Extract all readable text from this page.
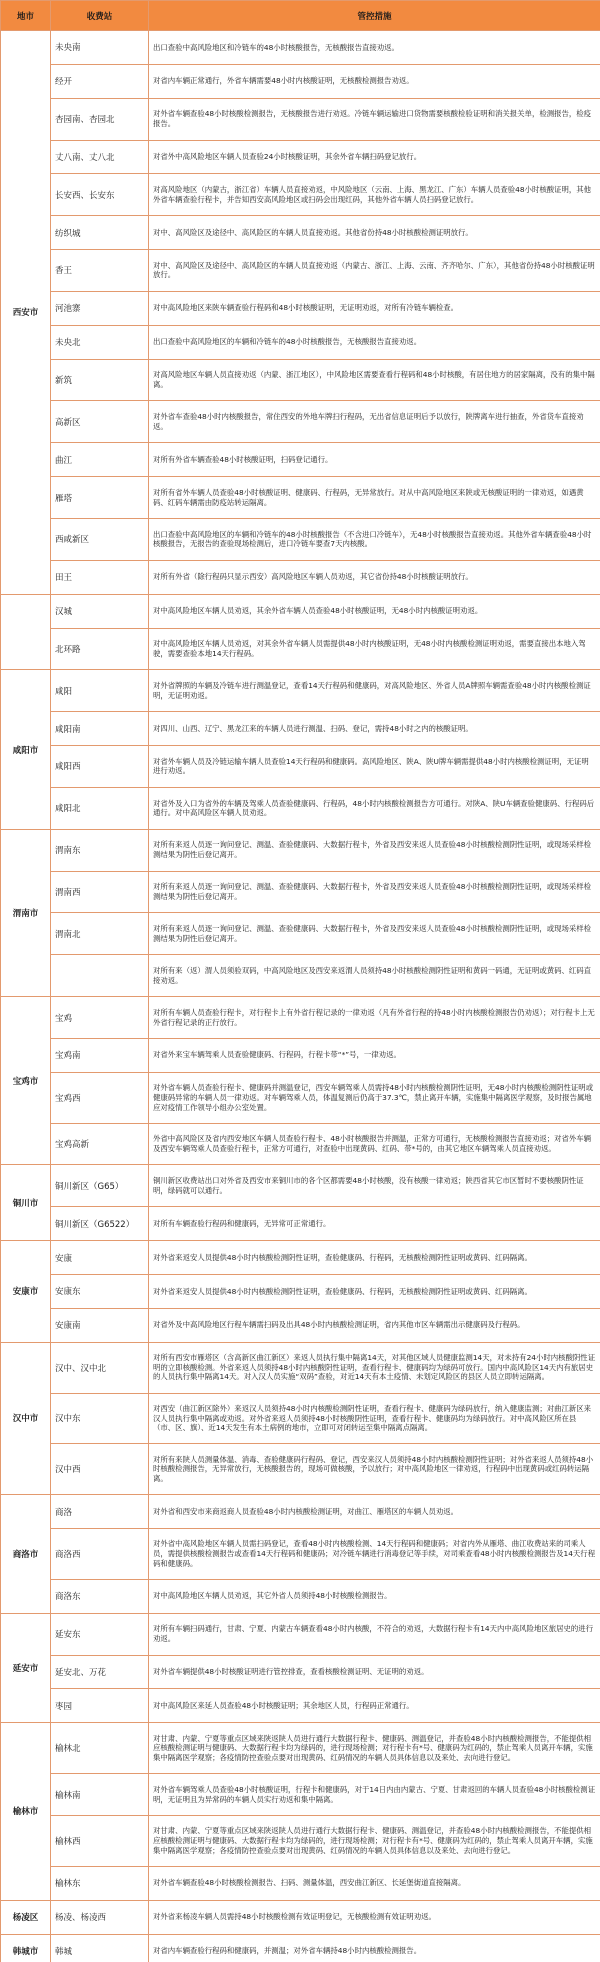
地市	收费站	管控措施
西安市	未央南	出口查验中高风险地区和冷链车的48小时核酸报告，无核酸报告直接劝返。
	经开	对省内车辆正常通行，外省车辆需要48小时内核酸证明，无核酸检测报告劝返。
	杏园南、杏园北	对外省车辆查验48小时核酸检测报告，无核酸报告进行劝返。冷链车辆运输进口货物需要核酸检验证明和消关报关单，检测报告，检疫报告。
	丈八南、丈八北	对省外中高风险地区车辆人员查验24小时核酸证明，其余外省车辆扫码登记放行。
	长安西、长安东	对高风险地区（内蒙古，浙江省）车辆人员直接劝返，中风险地区（云南、上海、黑龙江、广东）车辆人员查验48小时核酸证明，其他外省车辆查验行程卡，并告知西安高风险地区或扫码会出现红码，其他外省车辆人员扫码登记放行。
	纺织城	对中、高风险区及途径中、高风险区的车辆人员直接劝返。其他省份持48小时核酸检测证明放行。
	香王	对中、高风险区及途径中、高风险区的车辆人员直接劝返（内蒙古、浙江、上海、云南、齐齐哈尔、广东），其他省份持48小时核酸证明放行。
	河池寨	对中高风险地区来陕车辆查验行程码和48小时核酸证明，无证明劝返，对所有冷链车辆检查。
	未央北	出口查验中高风险地区的车辆和冷链车的48小时核酸报告，无核酸报告直接劝返。
	新筑	对高风险地区车辆人员直接劝返（内蒙、浙江地区），中风险地区需要查看行程码和48小时核酸，有居住地方的居家隔离，没有的集中隔离。
	高新区	对外省车查验48小时内核酸报告，常住西安的外地车牌扫行程码，无出省信息证明后予以放行，陕牌离车进行抽查，外省货车直接劝返。
	曲江	对所有外省车辆查验48小时核酸证明，扫码登记通行。
	雁塔	对所有省外车辆人员查验48小时核酸证明、健康码、行程码，无异常放行。对从中高风险地区来陕或无核酸证明的一律劝返，如遇黄码、红码车辆需由防疫站转运隔离。
	西咸新区	出口查验中高风险地区的车辆和冷链车的48小时核酸报告（不含进口冷链车），无48小时核酸报告直接劝返。其他外省车辆查验48小时核酸报告，无报告的查验现场检测后，进口冷链车要查7天内核酸。
	田王	对所有外省（除行程码只显示西安）高风险地区车辆人员劝返，其它省份持48小时核酸证明放行。
	汉城	对中高风险地区车辆人员劝返，其余外省车辆人员查验48小时核酸证明，无48小时内核酸证明劝返。
	北环路	对中高风险地区车辆人员劝返，对其余外省车辆人员需提供48小时内核酸证明，无48小时内核酸检测证明劝返，需要直接出本地入驾驶，需要查验本地14天行程码。
咸阳市	咸阳	对外省牌照的车辆及冷链车进行测温登记，查看14天行程码和健康码，对高风险地区、外省人员A牌照车辆需查验48小时内核酸检测证明，无证明劝返。
	咸阳南	对四川、山西、辽宁、黑龙江来的车辆人员进行测温、扫码、登记，需持48小时之内的核酸证明。
	咸阳西	对省外车辆人员及冷链运输车辆人员查验14天行程码和健康码。高风险地区、陕A、陕U牌车辆需提供48小时内核酸检测证明，无证明进行劝返。
	咸阳北	对省外及入口为省外的车辆及驾乘人员查验健康码、行程码，48小时内核酸检测报告方可通行。对陕A、陕U车辆查验健康码、行程码后通行。对中高风险区车辆人员劝返。
渭南市	渭南东	对所有来返人员逐一询问登记、测温、查验健康码、大数据行程卡，外省及西安来返人员查验48小时核酸检测阴性证明，或现场采样检测结果为阴性后登记离开。
	渭南西	对所有来返人员逐一询问登记、测温、查验健康码、大数据行程卡，外省及西安来返人员查验48小时核酸检测阴性证明，或现场采样检测结果为阴性后登记离开。
	渭南北	对所有来返人员逐一询问登记、测温、查验健康码、大数据行程卡，外省及西安来返人员查验48小时核酸检测阴性证明，或现场采样检测结果为阴性后登记离开。
		对所有来（返）渭人员须验双码，中高风险地区及西安来返渭人员须持48小时核酸检测阴性证明和黄码一码通，无证明或黄码、红码直接劝返。
宝鸡市	宝鸡	对所有车辆人员查验行程卡，对行程卡上有外省行程记录的一律劝返（凡有外省行程的持48小时内核酸检测报告仍劝返）；对行程卡上无外省行程记录的正行放行。
	宝鸡南	对省外来宝车辆驾乘人员查验健康码、行程码，行程卡带“*”号，一律劝返。
	宝鸡西	对外省车辆人员查验行程卡、健康码并测温登记，西安车辆驾乘人员需持48小时内核酸检测阴性证明，无48小时内核酸检测阴性证明或健康码异常的车辆人员一律劝返。对车辆驾乘人员，体温复测后仍高于37.3℃，禁止离开车辆，实施集中隔离医学观察，及时报告属地应对疫情工作领导小组办公室处置。
	宝鸡高新	外省中高风险区及省内西安地区车辆人员查验行程卡、48小时核酸报告并测温，正常方可通行，无核酸检测报告直接劝返；对省外车辆及西安车辆驾乘人员查验行程卡，正常方可通行，对查验中出现黄码、红码、带*号的，由其它地区车辆驾乘人员直接劝返。
铜川市	铜川新区（G65）	铜川新区收费站出口对外省及西安市来铜川市的各个区都需要48小时核酸，没有核酸一律劝返；陕西省其它市区暂时不要核酸阴性证明，绿码就可以通行。
	铜川新区（G6522）	对所有车辆查验行程码和健康码，无异常可正常通行。
安康市	安康	对外省来返安人员提供48小时内核酸检测阴性证明，查验健康码、行程码，无核酸检测阴性证明或黄码、红码隔离。
	安康东	对外省来返安人员提供48小时内核酸检测阴性证明，查验健康码、行程码，无核酸检测阴性证明或黄码、红码隔离。
	安康南	对省外及中高风险地区行程车辆需扫码及出具48小时内核酸检测证明，省内其他市区车辆需出示健康码及行程码。
汉中市	汉中、汉中北	对所有西安市雁塔区（含高新区曲江新区）来返人员执行集中隔离14天，对其他区域人员健康监测14天，对未持有24小时内核酸阴性证明的立即核酸检测。外省来返人员须持48小时内核酸阴性证明，查看行程卡、健康码均为绿码可放行。国内中高风险区14天内有旅居史的人员执行集中隔离14天。对入汉人员实施“双码”查验，对近14天有本土疫情、未划定风险区的县区人员立即转运隔离。
	汉中东	对西安（曲江新区除外）来返汉人员须持48小时内核酸检测阴性证明，查看行程卡、健康码为绿码放行，纳入健康监测；对曲江新区来汉人员执行集中隔离或劝返。对外省来返人员须持48小时核酸阴性证明，查看行程卡、健康码均为绿码放行。对中高风险区所在县（市、区、旗）、近14天发生有本土病例的地市，立即可对闭转运至集中隔离点隔离。
	汉中西	对所有来陕人员测量体温、消毒、查验健康码行程码、登记，西安来汉人员须持48小时内核酸检测阴性证明；对外省来返人员须持48小时核酸检测报告，无异常放行，无核酸报告的，现场可做核酸，予以放行；对中高风险地区一律劝返，行程码中出现黄码或红码转运隔离。
商洛市	商洛	对外省和西安市来商返商人员查验48小时内核酸检测证明，对曲江、雁塔区的车辆人员劝返。
	商洛西	对外省中高风险地区车辆人员需扫码登记，查看48小时内核酸检测、14天行程码和健康码；对省内外从雁塔、曲江收费站来的司乘人员，需提供核酸检测报告或查看14天行程码和健康码；对冷链车辆进行消毒登记等手续，对司乘查看48小时内核酸检测报告及14天行程码和健康码。
	商洛东	对中高风险地区车辆人员劝返，其它外省人员须持48小时核酸检测报告。
延安市	延安东	对所有车辆扫码通行，甘肃、宁夏、内蒙古车辆查看48小时内核酸，不符合的劝返，大数据行程卡有14天内中高风险地区旅居史的进行劝返。
	延安北、万花	对外省车辆提供48小时核酸证明进行管控排查，查看核酸检测证明、无证明的劝返。
	枣园	对中高风险区来延人员查验48小时核酸证明；其余地区人员，行程码正常通行。
榆林市	榆林北	对甘肃、内蒙、宁夏等重点区域来陕返陕人员进行通行大数据行程卡、健康码、测温登记，并查验48小时内核酸检测报告，不能提供相应核酸检测证明与健康码、大数据行程卡均为绿码的，进行现场检测；对行程卡有*号、健康码为红码的，禁止驾乘人员离开车辆，实施集中隔离医学观察；各疫情防控查验点要对出现黄码、红码情况的车辆人员具体信息以及来处、去向进行登记。
	榆林南	对外省车辆驾乘人员查验48小时核酸证明，行程卡和健康码，对于14日内由内蒙古、宁夏、甘肃返回的车辆人员查验48小时核酸检测证明，无证明且为异常码的车辆人员实行劝返和集中隔离。
	榆林西	对甘肃、内蒙、宁夏等重点区域来陕返陕人员进行通行大数据行程卡、健康码、测温登记，并查验48小时内核酸检测报告，不能提供相应核酸检测证明与健康码、大数据行程卡均为绿码的，进行现场检测；对行程卡有*号、健康码为红码的，禁止驾乘人员离开车辆，实施集中隔离医学观察；各疫情防控查验点要对出现黄码、红码情况的车辆人员具体信息以及来处、去向进行登记。
	榆林东	对外省车辆查验48小时核酸检测报告、扫码、测量体温，西安曲江新区、长延堡街道直接隔离。
杨凌区	杨凌、杨凌西	对外省来杨凌车辆人员需持48小时核酸检测有效证明登记，无核酸检测有效证明劝返。
韩城市	韩城	对省内车辆查验行程码和健康码，并测温；对外省车辆持48小时内核酸检测报告。
